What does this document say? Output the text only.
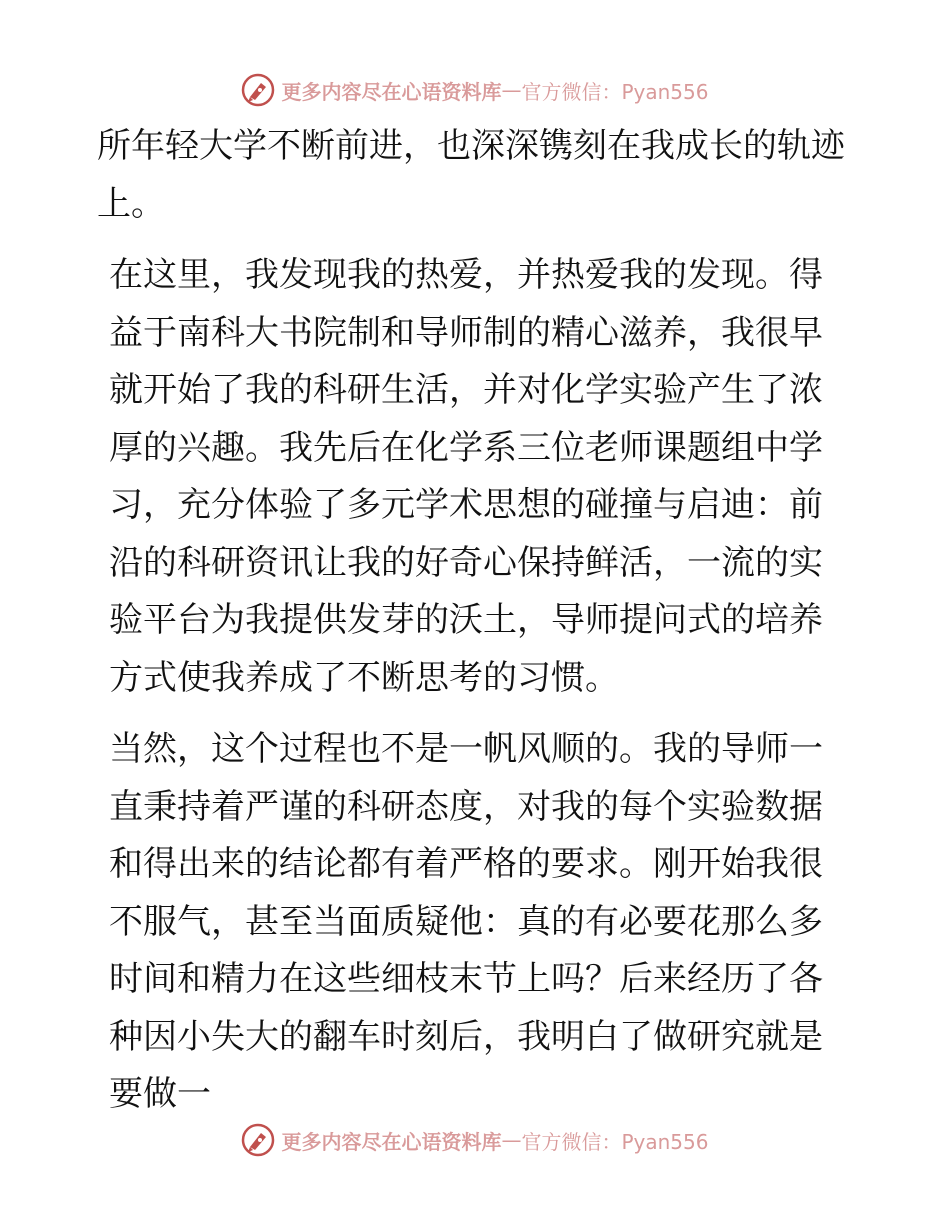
更多内容尽在心语资料库 — 官方微信：Pyan556

所年轻大学不断前进，也深深镌刻在我成长的轨迹上。

在这里，我发现我的热爱，并热爱我的发现。得益于南科大书院制和导师制的精心滋养，我很早就开始了我的科研生活，并对化学实验产生了浓厚的兴趣。我先后在化学系三位老师课题组中学习，充分体验了多元学术思想的碰撞与启迪：前沿的科研资讯让我的好奇心保持鲜活，一流的实验平台为我提供发芽的沃土，导师提问式的培养方式使我养成了不断思考的习惯。

当然，这个过程也不是一帆风顺的。我的导师一直秉持着严谨的科研态度，对我的每个实验数据和得出来的结论都有着严格的要求。刚开始我很不服气，甚至当面质疑他：真的有必要花那么多时间和精力在这些细枝末节上吗？后来经历了各种因小失大的翻车时刻后，我明白了做研究就是要做一

更多内容尽在心语资料库 — 官方微信：Pyan556
